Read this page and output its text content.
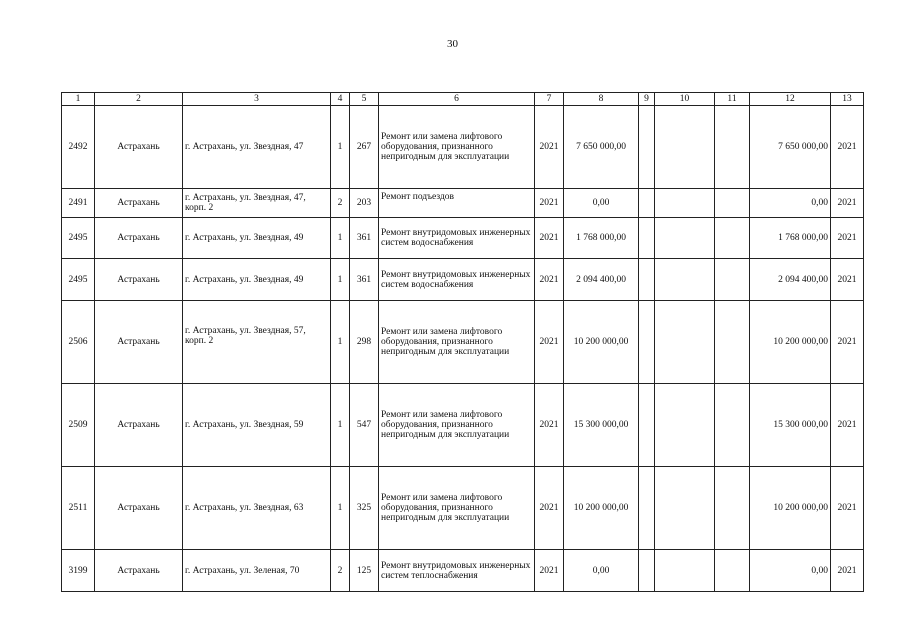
30
1	2	3	4	5	6	7	8	9	10	11	12	13
2492	Астрахань	г. Астрахань, ул. Звездная, 47	1	267	Ремонт или замена лифтового оборудования, признанного непригодным для эксплуатации	2021	7 650 000,00				7 650 000,00	2021
2491	Астрахань	г. Астрахань, ул. Звездная, 47, корп. 2	2	203	Ремонт подъездов	2021	0,00				0,00	2021
2495	Астрахань	г. Астрахань, ул. Звездная, 49	1	361	Ремонт внутридомовых инженерных систем водоснабжения	2021	1 768 000,00				1 768 000,00	2021
2495	Астрахань	г. Астрахань, ул. Звездная, 49	1	361	Ремонт внутридомовых инженерных систем водоснабжения	2021	2 094 400,00				2 094 400,00	2021
2506	Астрахань	г. Астрахань, ул. Звездная, 57, корп. 2	1	298	Ремонт или замена лифтового оборудования, признанного непригодным для эксплуатации	2021	10 200 000,00				10 200 000,00	2021
2509	Астрахань	г. Астрахань, ул. Звездная, 59	1	547	Ремонт или замена лифтового оборудования, признанного непригодным для эксплуатации	2021	15 300 000,00				15 300 000,00	2021
2511	Астрахань	г. Астрахань, ул. Звездная, 63	1	325	Ремонт или замена лифтового оборудования, признанного непригодным для эксплуатации	2021	10 200 000,00				10 200 000,00	2021
3199	Астрахань	г. Астрахань, ул. Зеленая, 70	2	125	Ремонт внутридомовых инженерных систем теплоснабжения	2021	0,00				0,00	2021
